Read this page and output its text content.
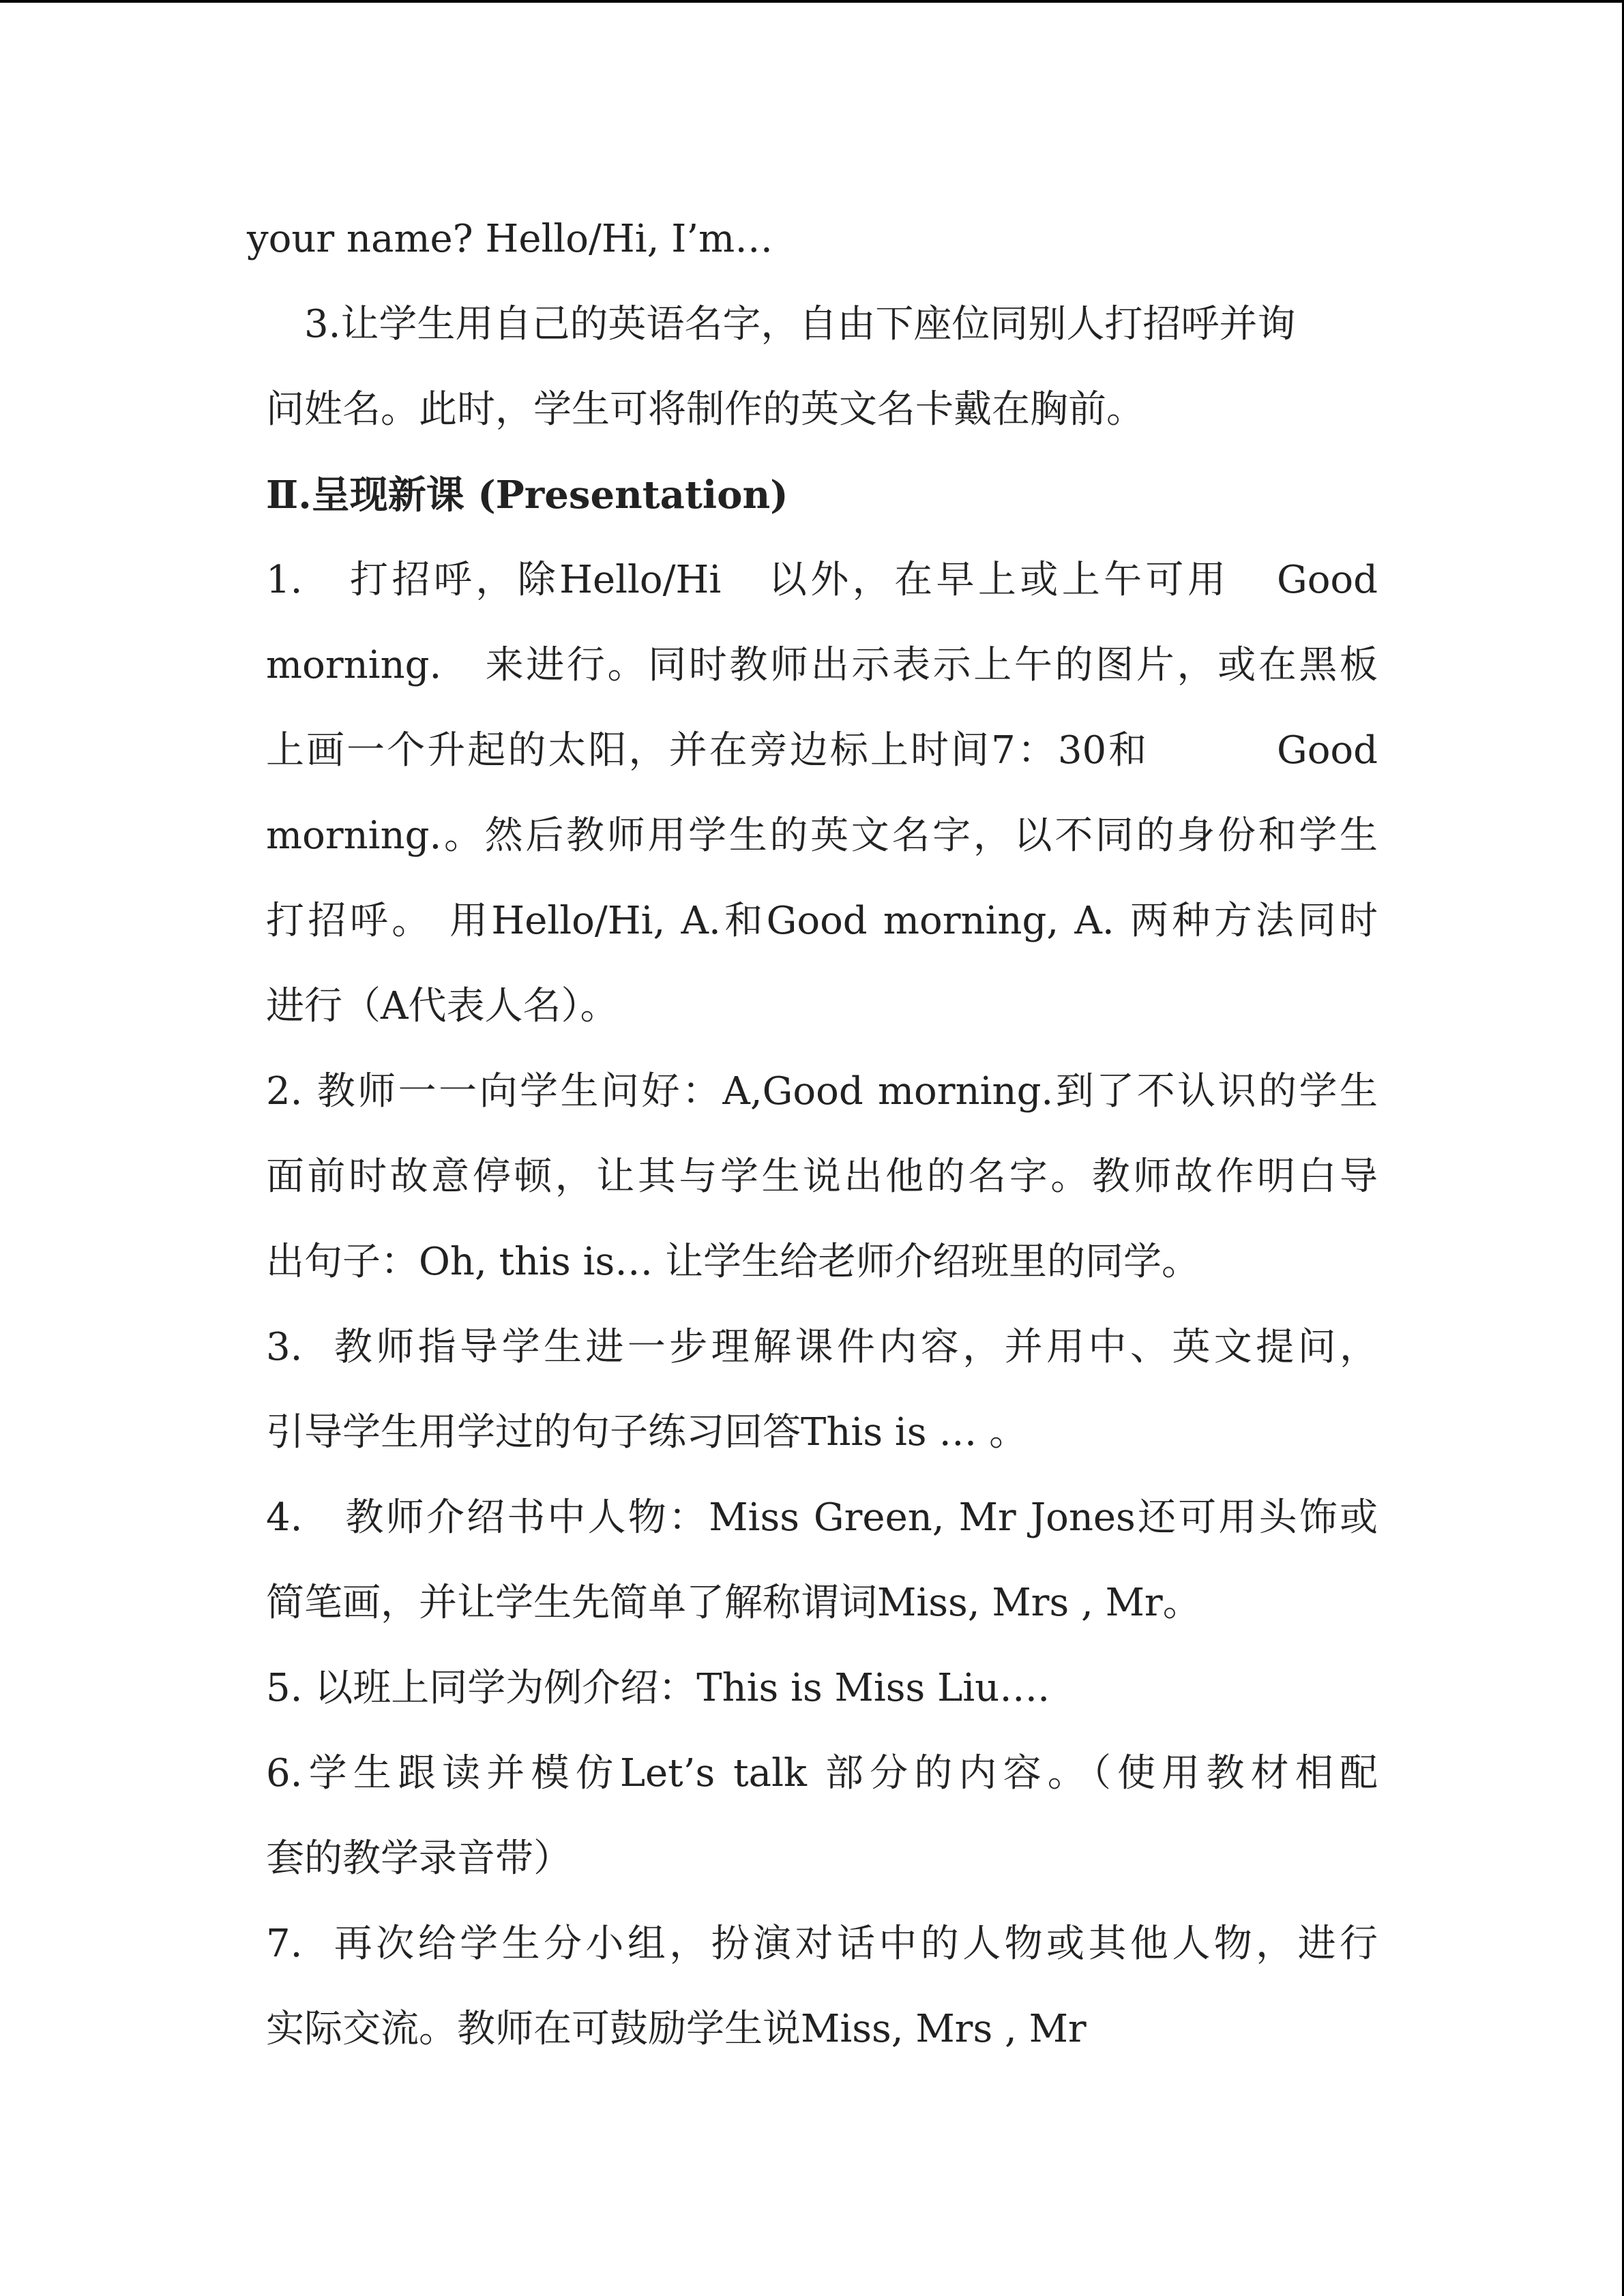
your name? Hello/Hi, I’m…
3.让学生用自己的英语名字，自由下座位同别人打招呼并询
问姓名。此时，学生可将制作的英文名卡戴在胸前。
Ⅱ.呈现新课 (Presentation)
1.   打招呼，除Hello/Hi   以外，在早上或上午可用   Good
morning.   来进行。同时教师出示表示上午的图片，或在黑板
上画一个升起的太阳，并在旁边标上时间7：30和         Good
morning.。然后教师用学生的英文名字，以不同的身份和学生
打招呼。 用Hello/Hi, A.和Good morning, A. 两种方法同时
进行（A代表人名）。
2. 教师一一向学生问好：A,Good morning.到了不认识的学生
面前时故意停顿，让其与学生说出他的名字。教师故作明白导
出句子：Oh, this is… 让学生给老师介绍班里的同学。
3.  教师指导学生进一步理解课件内容，并用中、英文提问，
引导学生用学过的句子练习回答This is … 。
4.   教师介绍书中人物：Miss Green, Mr Jones还可用头饰或
简笔画，并让学生先简单了解称谓词Miss, Mrs , Mr。
5. 以班上同学为例介绍：This is Miss Liu….
6.学生跟读并模仿Let’s talk 部分的内容。（使用教材相配
套的教学录音带）
7.  再次给学生分小组，扮演对话中的人物或其他人物，进行
实际交流。教师在可鼓励学生说Miss, Mrs , Mr
